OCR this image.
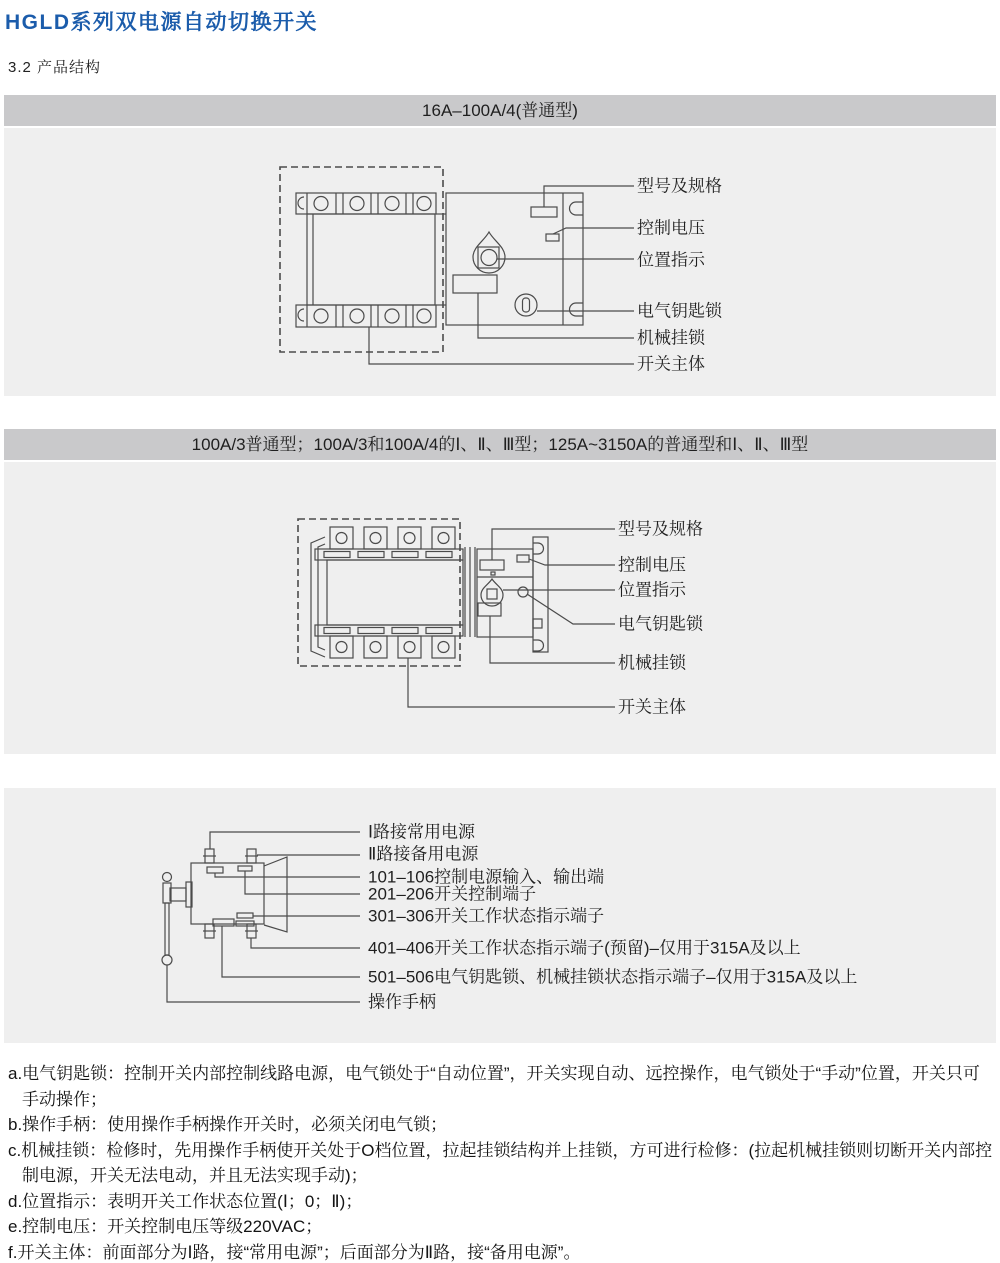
HGLD系列双电源自动切换开关
3.2 产品结构
16A–100A/4(普通型)
型号及规格
控制电压
位置指示
电气钥匙锁
机械挂锁
开关主体
100A/3普通型；100A/3和100A/4的Ⅰ、Ⅱ、Ⅲ型；125A~3150A的普通型和Ⅰ、Ⅱ、Ⅲ型
型号及规格
控制电压
位置指示
电气钥匙锁
机械挂锁
开关主体
Ⅰ路接常用电源
Ⅱ路接备用电源
101–106控制电源输入、输出端
201–206开关控制端子
301–306开关工作状态指示端子
401–406开关工作状态指示端子(预留)–仅用于315A及以上
501–506电气钥匙锁、机械挂锁状态指示端子–仅用于315A及以上
操作手柄
a.电气钥匙锁：控制开关内部控制线路电源，电气锁处于“自动位置”，开关实现自动、远控操作，电气锁处于“手动”位置，开关只可手动操作；
b.操作手柄：使用操作手柄操作开关时，必须关闭电气锁；
c.机械挂锁：检修时，先用操作手柄使开关处于O档位置，拉起挂锁结构并上挂锁，方可进行检修：(拉起机械挂锁则切断开关内部控制电源，开关无法电动，并且无法实现手动)；
d.位置指示：表明开关工作状态位置(Ⅰ；0；Ⅱ)；
e.控制电压：开关控制电压等级220VAC；
f.开关主体：前面部分为Ⅰ路，接“常用电源”；后面部分为Ⅱ路，接“备用电源”。
